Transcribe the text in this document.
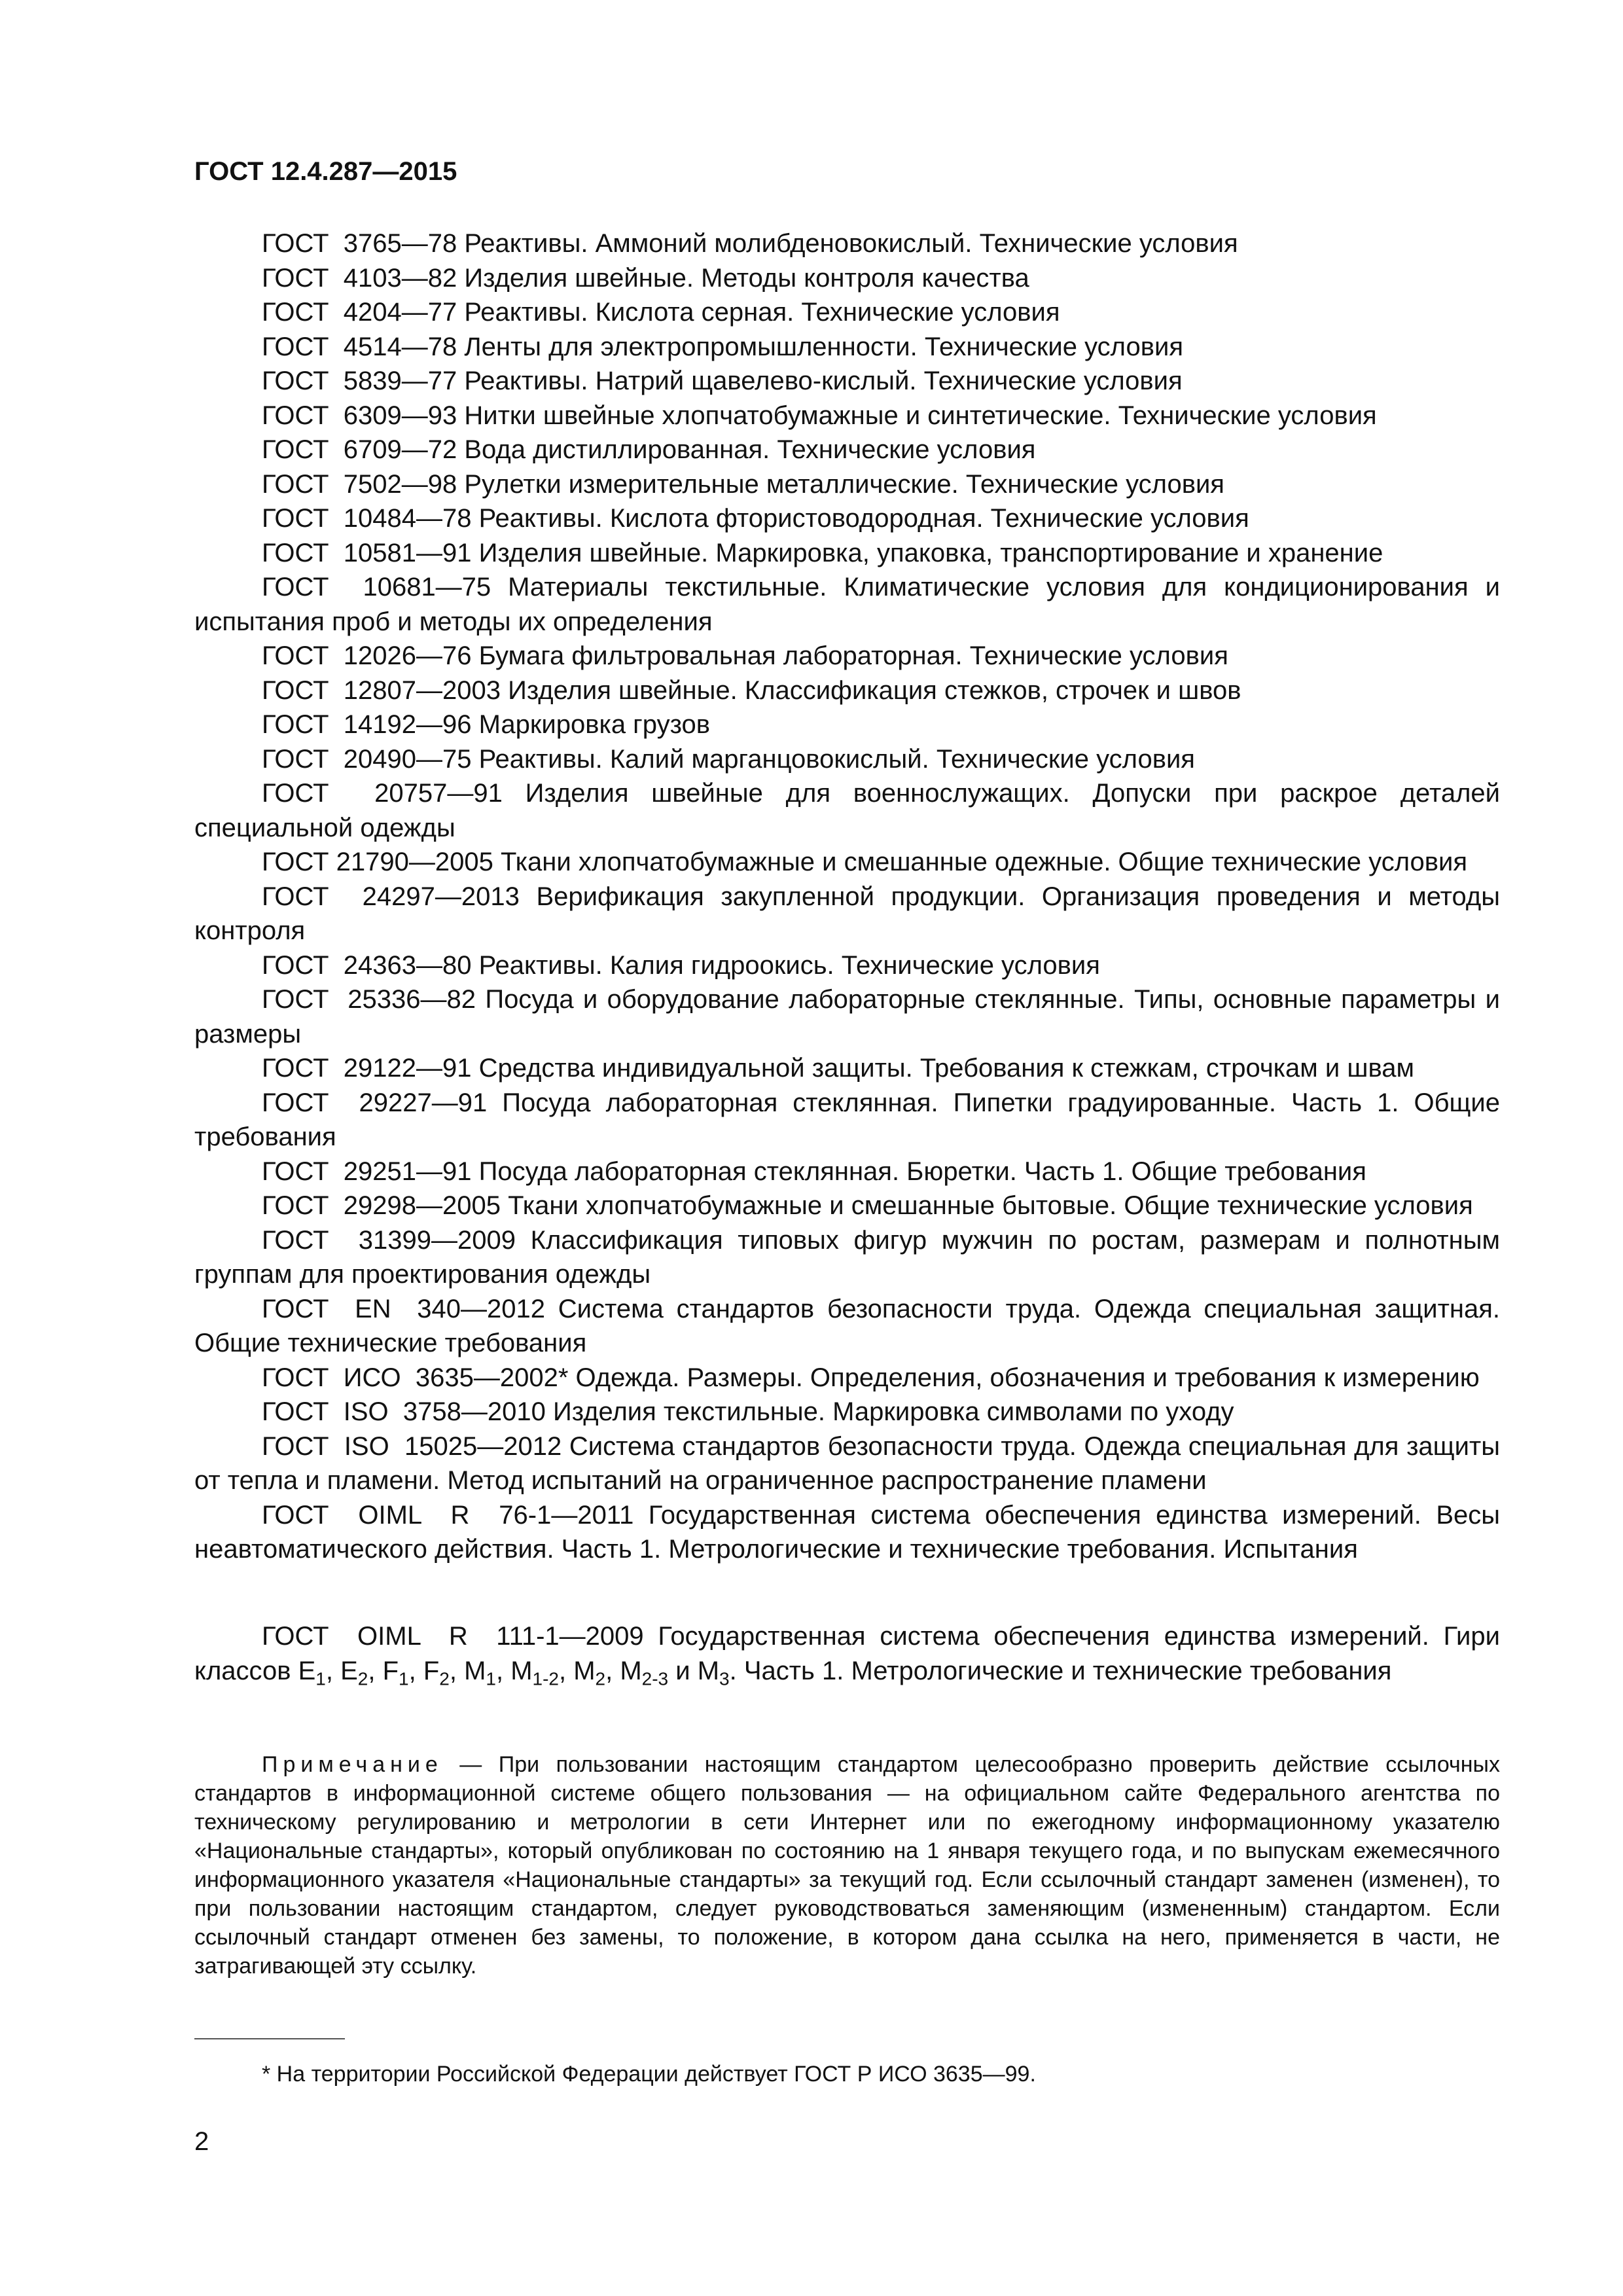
ГОСТ 12.4.287—2015

ГОСТ  3765—78 Реактивы. Аммоний молибденовокислый. Технические условия

ГОСТ  4103—82 Изделия швейные. Методы контроля качества

ГОСТ  4204—77 Реактивы. Кислота серная. Технические условия

ГОСТ  4514—78 Ленты для электропромышленности. Технические условия

ГОСТ  5839—77 Реактивы. Натрий щавелево-кислый. Технические условия

ГОСТ  6309—93 Нитки швейные хлопчатобумажные и синтетические. Технические условия

ГОСТ  6709—72 Вода дистиллированная. Технические условия

ГОСТ  7502—98 Рулетки измерительные металлические. Технические условия

ГОСТ  10484—78 Реактивы. Кислота фтористоводородная. Технические условия

ГОСТ  10581—91 Изделия швейные. Маркировка, упаковка, транспортирование и хранение

ГОСТ  10681—75 Материалы текстильные. Климатические условия для кондиционирования и испытания проб и методы их определения

ГОСТ  12026—76 Бумага фильтровальная лабораторная. Технические условия

ГОСТ  12807—2003 Изделия швейные. Классификация стежков, строчек и швов

ГОСТ  14192—96 Маркировка грузов

ГОСТ  20490—75 Реактивы. Калий марганцовокислый. Технические условия

ГОСТ  20757—91 Изделия швейные для военнослужащих. Допуски при раскрое деталей специальной одежды

ГОСТ 21790—2005 Ткани хлопчатобумажные и смешанные одежные. Общие технические условия

ГОСТ  24297—2013 Верификация закупленной продукции. Организация проведения и методы контроля

ГОСТ  24363—80 Реактивы. Калия гидроокись. Технические условия

ГОСТ  25336—82 Посуда и оборудование лабораторные стеклянные. Типы, основные параметры и размеры

ГОСТ  29122—91 Средства индивидуальной защиты. Требования к стежкам, строчкам и швам

ГОСТ  29227—91 Посуда лабораторная стеклянная. Пипетки градуированные. Часть 1. Общие требования

ГОСТ  29251—91 Посуда лабораторная стеклянная. Бюретки. Часть 1. Общие требования

ГОСТ  29298—2005 Ткани хлопчатобумажные и смешанные бытовые. Общие технические условия

ГОСТ  31399—2009 Классификация типовых фигур мужчин по ростам, размерам и полнотным группам для проектирования одежды

ГОСТ  EN  340—2012 Система стандартов безопасности труда. Одежда специальная защитная. Общие технические требования

ГОСТ  ИСО  3635—2002* Одежда. Размеры. Определения, обозначения и требования к измерению

ГОСТ  ISO  3758—2010 Изделия текстильные. Маркировка символами по уходу

ГОСТ  ISO  15025—2012 Система стандартов безопасности труда. Одежда специальная для защиты от тепла и пламени. Метод испытаний на ограниченное распространение пламени

ГОСТ  OIML  R  76-1—2011 Государственная система обеспечения единства измерений. Весы неавтоматического действия. Часть 1. Метрологические и технические требования. Испытания

ГОСТ  OIML  R  111-1—2009 Государственная система обеспечения единства измерений. Гири классов $E_1$, $E_2$, $F_1$, $F_2$, $M_1$, $M_{1-2}$, $M_2$, $M_{2-3}$ и $M_3$. Часть 1. Метрологические и технические требования

Примечание — При пользовании настоящим стандартом целесообразно проверить действие ссылочных стандартов в информационной системе общего пользования — на официальном сайте Федерального агентства по техническому регулированию и метрологии в сети Интернет или по ежегодному информационному указателю «Национальные стандарты», который опубликован по состоянию на 1 января текущего года, и по выпускам ежемесячного информационного указателя «Национальные стандарты» за текущий год. Если ссылочный стандарт заменен (изменен), то при пользовании настоящим стандартом, следует руководствоваться заменяющим (измененным) стандартом. Если ссылочный стандарт отменен без замены, то положение, в котором дана ссылка на него, применяется в части, не затрагивающей эту ссылку.

* На территории Российской Федерации действует ГОСТ Р ИСО 3635—99.
2
